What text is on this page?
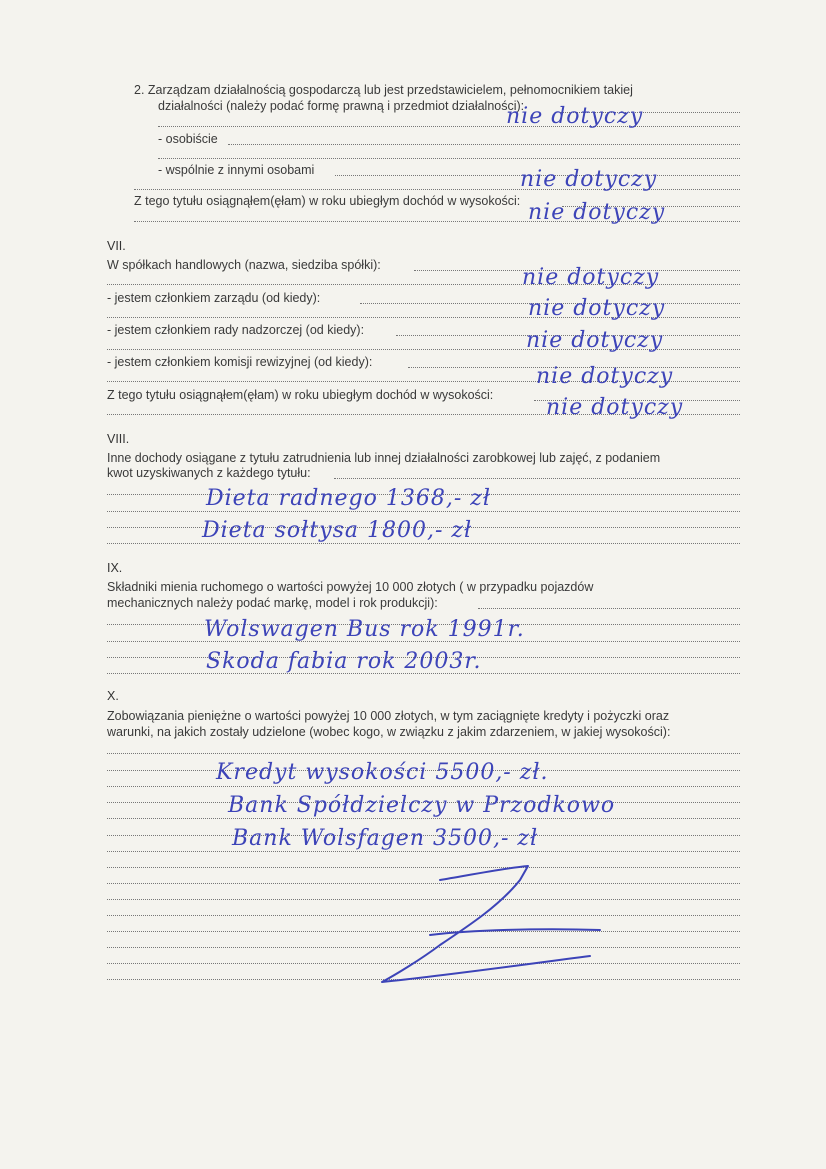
2. Zarządzam działalnością gospodarczą lub jest przedstawicielem, pełnomocnikiem takiej
działalności (należy podać formę prawną i przedmiot działalności):
- osobiście
- wspólnie z innymi osobami
Z tego tytułu osiągnąłem(ęłam) w roku ubiegłym dochód w wysokości:
nie dotyczy
nie dotyczy
nie dotyczy
VII.
W spółkach handlowych (nazwa, siedziba spółki):
- jestem członkiem zarządu (od kiedy):
- jestem członkiem rady nadzorczej (od kiedy):
- jestem członkiem komisji rewizyjnej (od kiedy):
Z tego tytułu osiągnąłem(ęłam) w roku ubiegłym dochód w wysokości:
nie dotyczy
nie dotyczy
nie dotyczy
nie dotyczy
nie dotyczy
VIII.
Inne dochody osiągane z tytułu zatrudnienia lub innej działalności zarobkowej lub zajęć, z podaniem
kwot uzyskiwanych z każdego tytułu:
Dieta radnego 1368,- zł
Dieta sołtysa 1800,- zł
IX.
Składniki mienia ruchomego o wartości powyżej 10 000 złotych ( w przypadku pojazdów
mechanicznych należy podać markę, model i rok produkcji):
Wolswagen Bus rok 1991r.
Skoda fabia rok 2003r.
X.
Zobowiązania pieniężne o wartości powyżej 10 000 złotych, w tym zaciągnięte kredyty i pożyczki oraz
warunki, na jakich zostały udzielone (wobec kogo, w związku z jakim zdarzeniem, w jakiej wysokości):
Kredyt wysokości 5500,- zł.
Bank Spółdzielczy w Przodkowo
Bank Wolsfagen 3500,- zł
